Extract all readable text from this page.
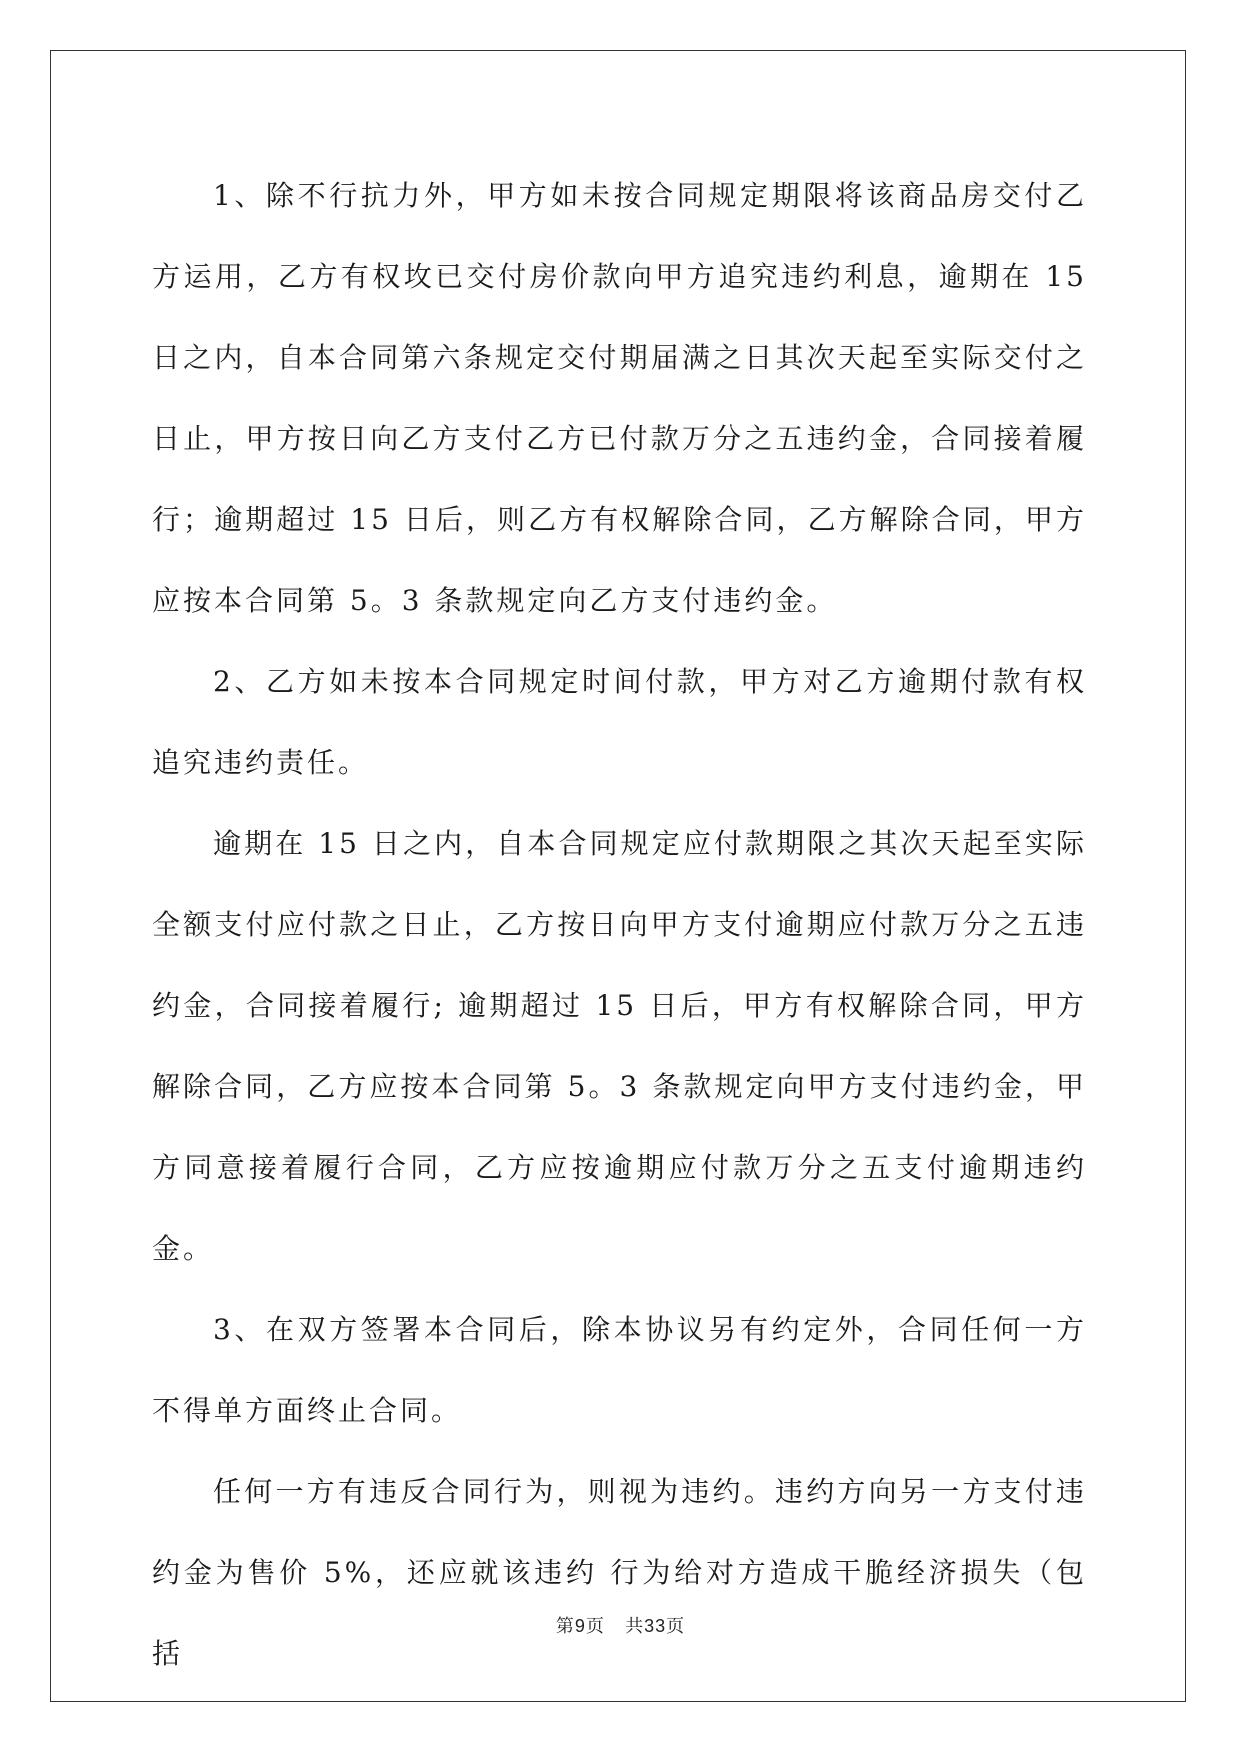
1、除不行抗力外，甲方如未按合同规定期限将该商品房交付乙方运用，乙方有权坆已交付房价款向甲方追究违约利息，逾期在 15 日之内，自本合同第六条规定交付期届满之日其次天起至实际交付之日止，甲方按日向乙方支付乙方已付款万分之五违约金，合同接着履行；逾期超过 15 日后，则乙方有权解除合同，乙方解除合同，甲方应按本合同第 5。3 条款规定向乙方支付违约金。

2、乙方如未按本合同规定时间付款，甲方对乙方逾期付款有权追究违约责任。

逾期在 15 日之内，自本合同规定应付款期限之其次天起至实际全额支付应付款之日止，乙方按日向甲方支付逾期应付款万分之五违约金，合同接着履行; 逾期超过 15 日后，甲方有权解除合同，甲方解除合同，乙方应按本合同第 5。3 条款规定向甲方支付违约金，甲方同意接着履行合同，乙方应按逾期应付款万分之五支付逾期违约金。

3、在双方签署本合同后，除本协议另有约定外，合同任何一方不得单方面终止合同。

任何一方有违反合同行为，则视为违约。违约方向另一方支付违约金为售价 5%，还应就该违约 行为给对方造成干脆经济损失（包括

第9页 共33页
